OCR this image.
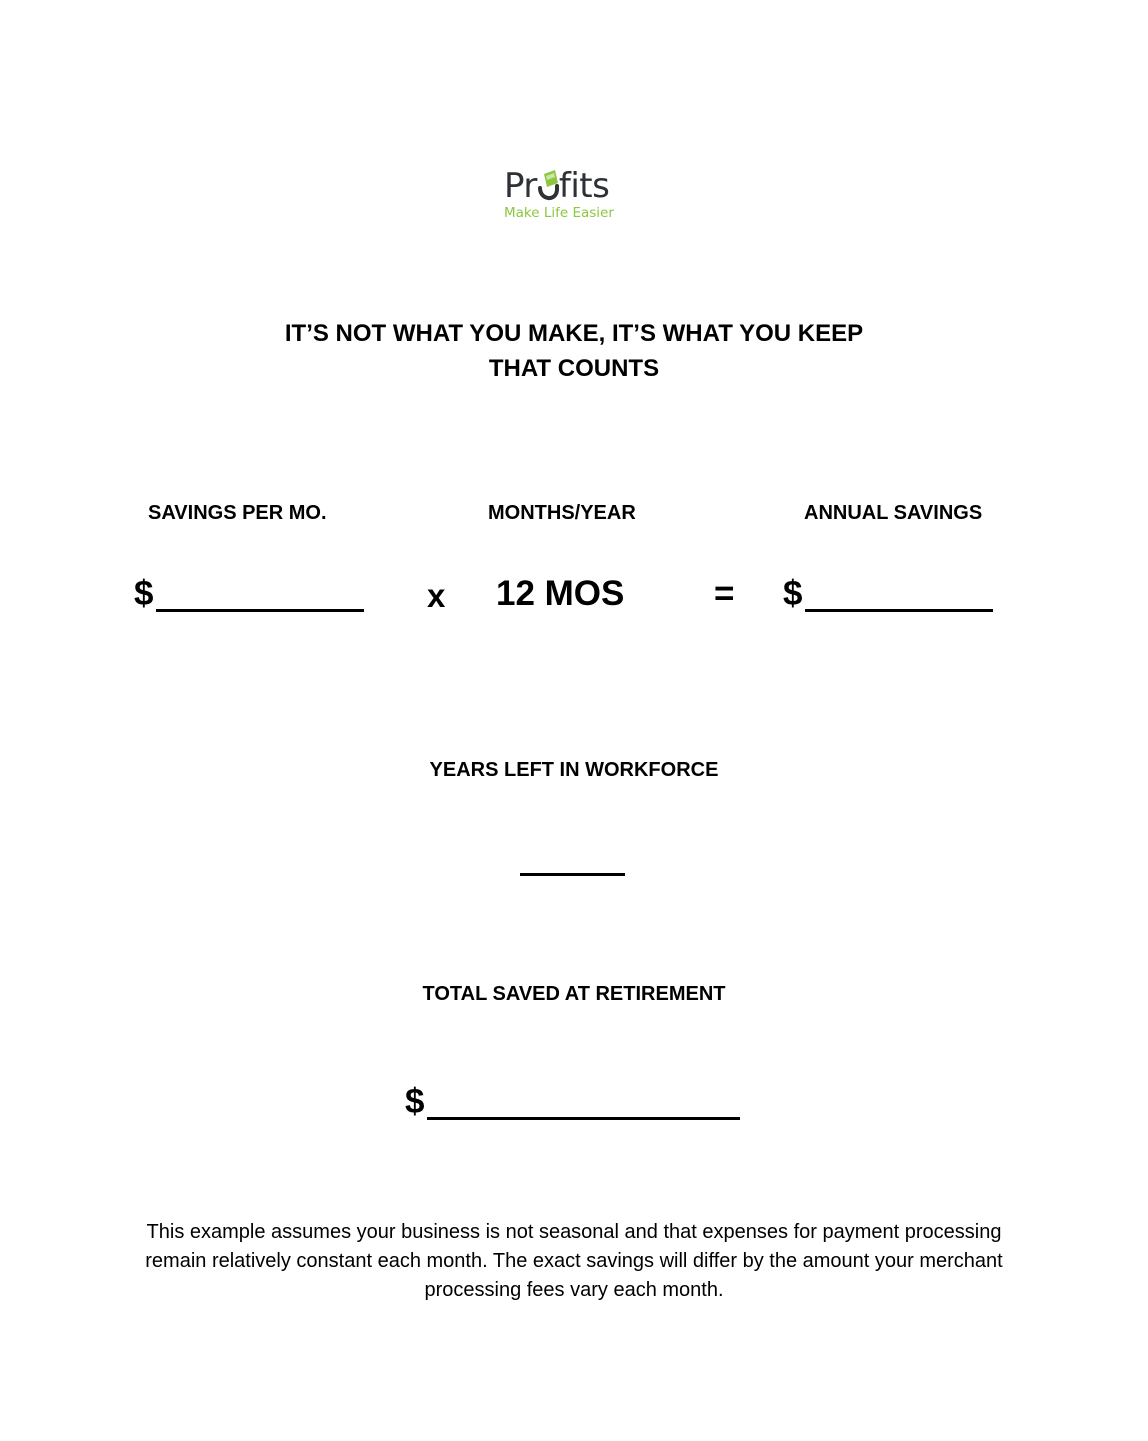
Pr fits
Make Life Easier
IT’S NOT WHAT YOU MAKE, IT’S WHAT YOU KEEP
THAT COUNTS
SAVINGS PER MO.	MONTHS/YEAR	ANNUAL SAVINGS
$	x 12 MOS	= $
YEARS LEFT IN WORKFORCE
TOTAL SAVED AT RETIREMENT
$
This example assumes your business is not seasonal and that expenses for payment processing remain relatively constant each month. The exact savings will differ by the amount your merchant processing fees vary each month.
